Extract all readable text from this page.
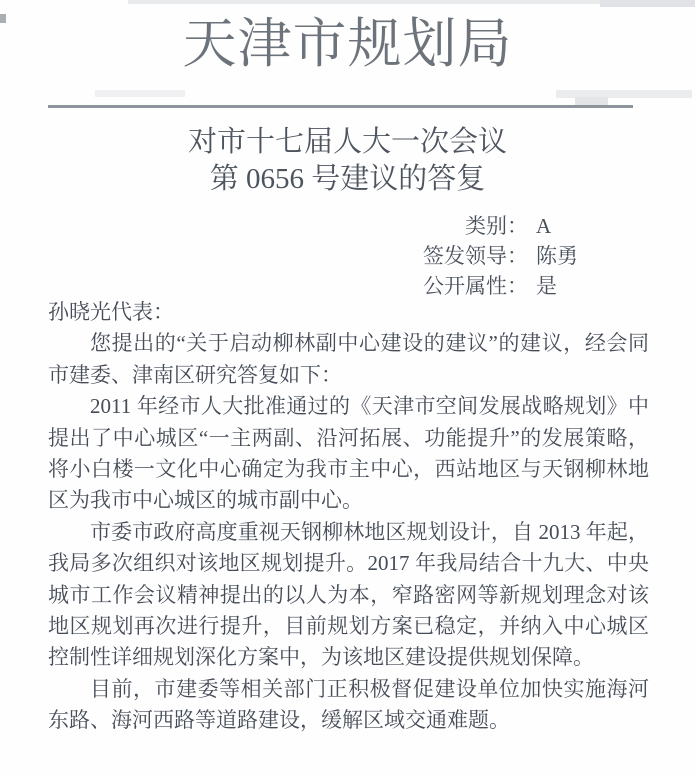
天津市规划局
对市十七届人大一次会议
第 0656 号建议的答复
类别： A
签发领导： 陈勇
公开属性： 是

孙晓光代表：

您提出的“关于启动柳林副中心建设的建议”的建议，经会同市建委、津南区研究答复如下：

2011 年经市人大批准通过的《天津市空间发展战略规划》中提出了中心城区“一主两副、沿河拓展、功能提升”的发展策略，将小白楼一文化中心确定为我市主中心，西站地区与天钢柳林地区为我市中心城区的城市副中心。

市委市政府高度重视天钢柳林地区规划设计，自 2013 年起，我局多次组织对该地区规划提升。2017 年我局结合十九大、中央城市工作会议精神提出的以人为本，窄路密网等新规划理念对该地区规划再次进行提升，目前规划方案已稳定，并纳入中心城区控制性详细规划深化方案中，为该地区建设提供规划保障。

目前，市建委等相关部门正积极督促建设单位加快实施海河东路、海河西路等道路建设，缓解区域交通难题。
